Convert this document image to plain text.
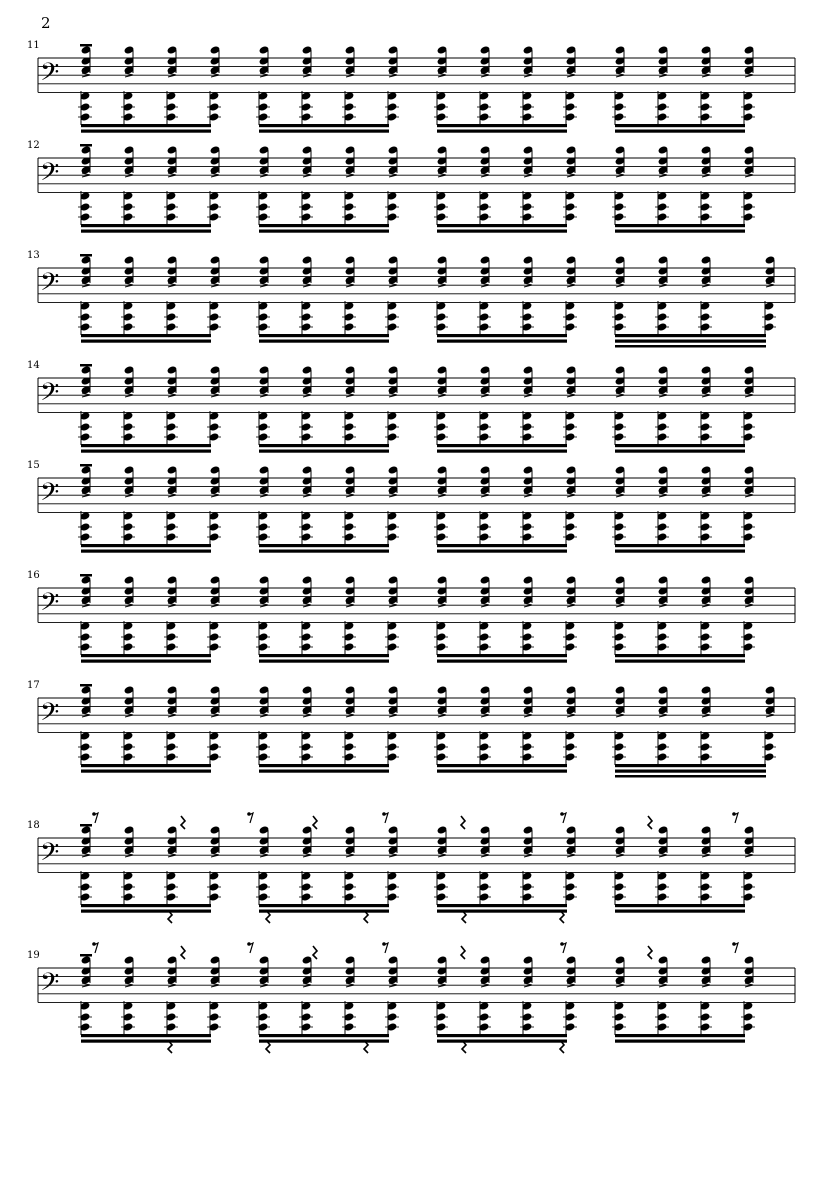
2
11
12
13
14
15
16
17
18
19
𝄢
𝄢
𝄢
𝄢
𝄢
𝄢
𝄢
𝄢
𝄢
